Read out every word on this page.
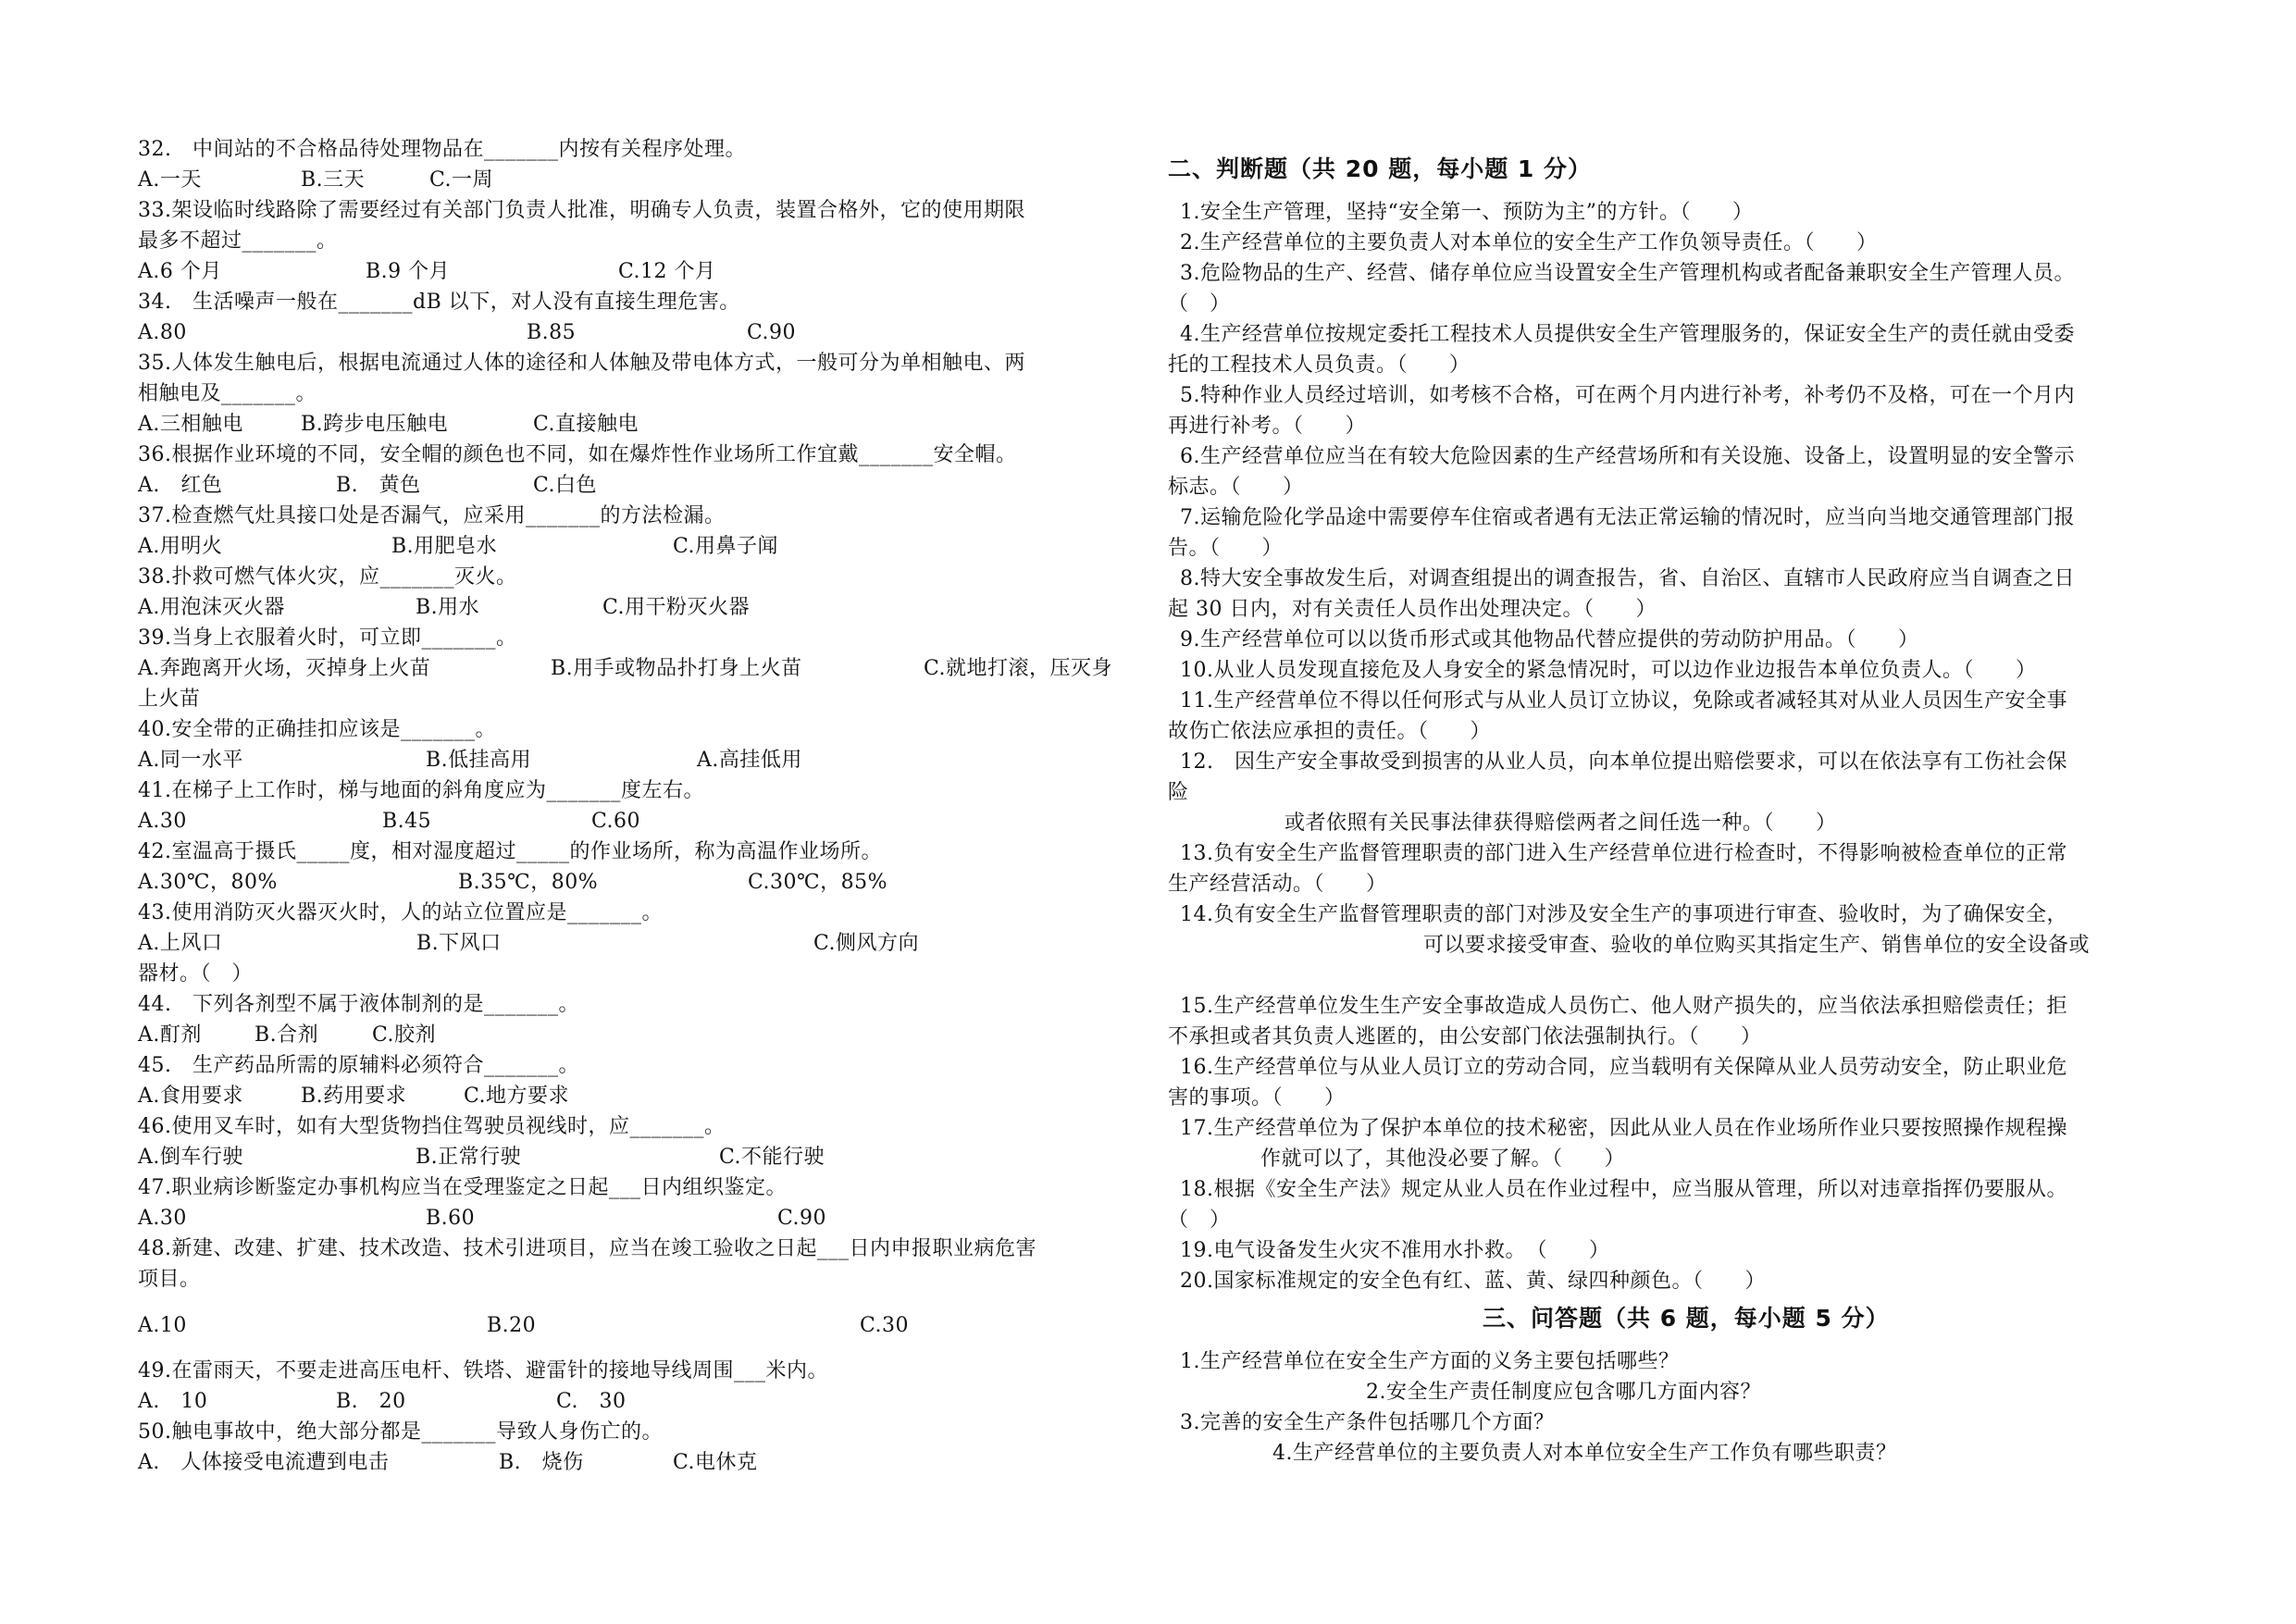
32.　中间站的不合格品待处理物品在_______内按有关程序处理。
A.一天	B.三天	C.一周
33.架设临时线路除了需要经过有关部门负责人批准，明确专人负责，装置合格外，它的使用期限
最多不超过_______。
A.6 个月	B.9 个月	C.12 个月
34.　生活噪声一般在_______dB 以下，对人没有直接生理危害。
A.80	B.85	C.90
35.人体发生触电后，根据电流通过人体的途径和人体触及带电体方式，一般可分为单相触电、两
相触电及_______。
A.三相触电	B.跨步电压触电	C.直接触电
36.根据作业环境的不同，安全帽的颜色也不同，如在爆炸性作业场所工作宜戴_______安全帽。
A.　红色	B.　黄色	C.白色
37.检查燃气灶具接口处是否漏气，应采用_______的方法检漏。
A.用明火	B.用肥皂水	C.用鼻子闻
38.扑救可燃气体火灾，应_______灭火。
A.用泡沫灭火器	B.用水	C.用干粉灭火器
39.当身上衣服着火时，可立即_______。
A.奔跑离开火场，灭掉身上火苗	B.用手或物品扑打身上火苗	C.就地打滚，压灭身
上火苗
40.安全带的正确挂扣应该是_______。
A.同一水平	B.低挂高用	A.高挂低用
41.在梯子上工作时，梯与地面的斜角度应为_______度左右。
A.30	B.45	C.60
42.室温高于摄氏_____度，相对湿度超过_____的作业场所，称为高温作业场所。
A.30℃，80%	B.35℃，80%	C.30℃，85%
43.使用消防灭火器灭火时，人的站立位置应是_______。
A.上风口	B.下风口	C.侧风方向
器材。（　）
44.　下列各剂型不属于液体制剂的是_______。
A.酊剂	B.合剂	C.胶剂
45.　生产药品所需的原辅料必须符合_______。
A.食用要求	B.药用要求	C.地方要求
46.使用叉车时，如有大型货物挡住驾驶员视线时，应_______。
A.倒车行驶	B.正常行驶	C.不能行驶
47.职业病诊断鉴定办事机构应当在受理鉴定之日起___日内组织鉴定。
A.30	B.60	C.90
48.新建、改建、扩建、技术改造、技术引进项目，应当在竣工验收之日起___日内申报职业病危害
项目。
A.10	B.20	C.30
49.在雷雨天，不要走进高压电杆、铁塔、避雷针的接地导线周围___米内。
A.　10	B.　20	C.　30
50.触电事故中，绝大部分都是_______导致人身伤亡的。
A.　人体接受电流遭到电击	B.　烧伤	C.电休克
二、判断题（共 20 题，每小题 1 分）
1.安全生产管理，坚持“安全第一、预防为主”的方针。（　　）
2.生产经营单位的主要负责人对本单位的安全生产工作负领导责任。（　　）
3.危险物品的生产、经营、储存单位应当设置安全生产管理机构或者配备兼职安全生产管理人员。
（　）
4.生产经营单位按规定委托工程技术人员提供安全生产管理服务的，保证安全生产的责任就由受委
托的工程技术人员负责。（　　）
5.特种作业人员经过培训，如考核不合格，可在两个月内进行补考，补考仍不及格，可在一个月内
再进行补考。（　　）
6.生产经营单位应当在有较大危险因素的生产经营场所和有关设施、设备上，设置明显的安全警示
标志。（　　）
7.运输危险化学品途中需要停车住宿或者遇有无法正常运输的情况时，应当向当地交通管理部门报
告。（　　）
8.特大安全事故发生后，对调查组提出的调查报告，省、自治区、直辖市人民政府应当自调查之日
起 30 日内，对有关责任人员作出处理决定。（　　）
9.生产经营单位可以以货币形式或其他物品代替应提供的劳动防护用品。（　　）
10.从业人员发现直接危及人身安全的紧急情况时，可以边作业边报告本单位负责人。（　　）
11.生产经营单位不得以任何形式与从业人员订立协议，免除或者减轻其对从业人员因生产安全事
故伤亡依法应承担的责任。（　　）
12.　因生产安全事故受到损害的从业人员，向本单位提出赔偿要求，可以在依法享有工伤社会保
险
或者依照有关民事法律获得赔偿两者之间任选一种。（　　）
13.负有安全生产监督管理职责的部门进入生产经营单位进行检查时，不得影响被检查单位的正常
生产经营活动。（　　）
14.负有安全生产监督管理职责的部门对涉及安全生产的事项进行审查、验收时，为了确保安全，
可以要求接受审查、验收的单位购买其指定生产、销售单位的安全设备或
15.生产经营单位发生生产安全事故造成人员伤亡、他人财产损失的，应当依法承担赔偿责任；拒
不承担或者其负责人逃匿的，由公安部门依法强制执行。（　　）
16.生产经营单位与从业人员订立的劳动合同，应当载明有关保障从业人员劳动安全，防止职业危
害的事项。（　　）
17.生产经营单位为了保护本单位的技术秘密，因此从业人员在作业场所作业只要按照操作规程操
作就可以了，其他没必要了解。（　　）
18.根据《安全生产法》规定从业人员在作业过程中，应当服从管理，所以对违章指挥仍要服从。
（　）
19.电气设备发生火灾不准用水扑救。　（　　）
20.国家标准规定的安全色有红、蓝、黄、绿四种颜色。（　　）
三、问答题（共 6 题，每小题 5 分）
1.生产经营单位在安全生产方面的义务主要包括哪些？
2.安全生产责任制度应包含哪几方面内容？
3.完善的安全生产条件包括哪几个方面？
4.生产经营单位的主要负责人对本单位安全生产工作负有哪些职责？
